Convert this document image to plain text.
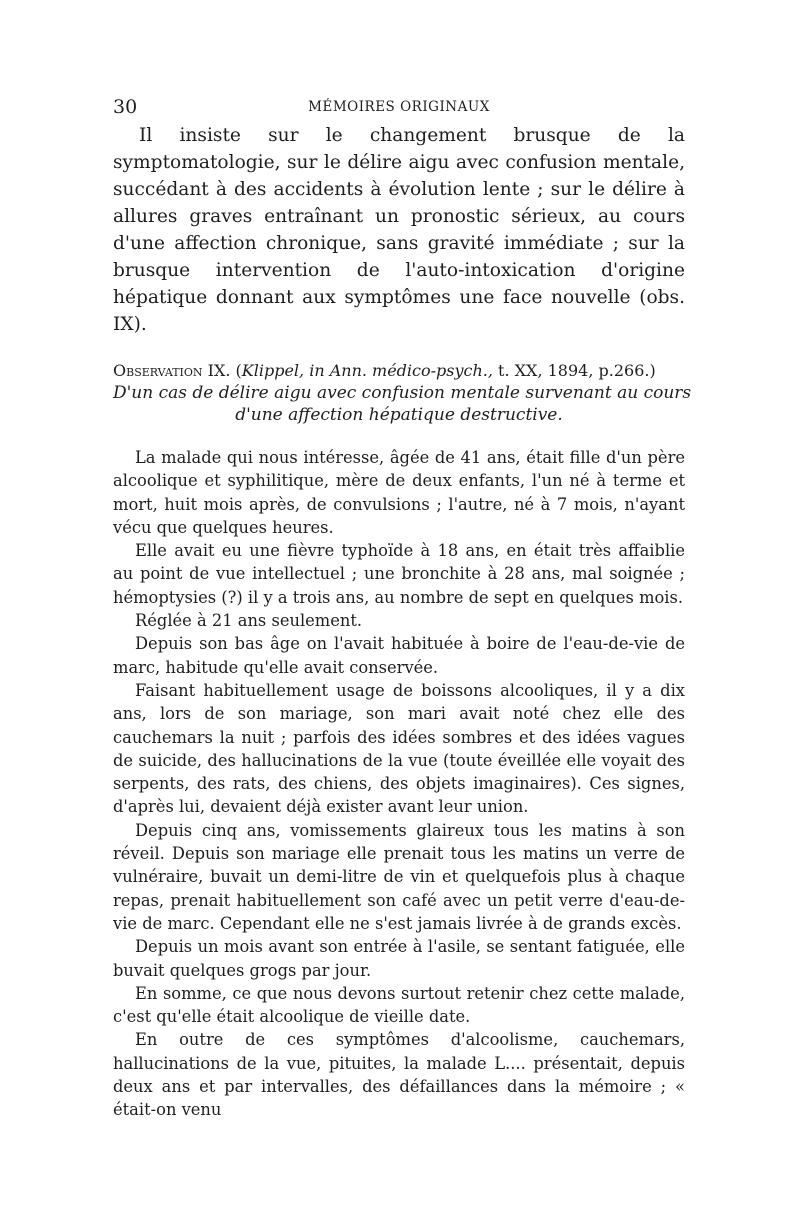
30	MÉMOIRES ORIGINAUX

Il insiste sur le changement brusque de la symptomatologie, sur le délire aigu avec confusion mentale, succédant à des accidents à évolution lente ; sur le délire à allures graves entraînant un pronostic sérieux, au cours d'une affection chronique, sans gravité immédiate ; sur la brusque intervention de l'auto-intoxication d'origine hépatique donnant aux symptômes une face nouvelle (obs. IX).

Observation IX. (Klippel, in Ann. médico-psych., t. XX, 1894, p.266.)
D'un cas de délire aigu avec confusion mentale survenant au cours
d'une affection hépatique destructive.

La malade qui nous intéresse, âgée de 41 ans, était fille d'un père alcoolique et syphilitique, mère de deux enfants, l'un né à terme et mort, huit mois après, de convulsions ; l'autre, né à 7 mois, n'ayant vécu que quelques heures.

Elle avait eu une fièvre typhoïde à 18 ans, en était très affaiblie au point de vue intellectuel ; une bronchite à 28 ans, mal soignée ; hémoptysies (?) il y a trois ans, au nombre de sept en quelques mois.

Réglée à 21 ans seulement.

Depuis son bas âge on l'avait habituée à boire de l'eau-de-vie de marc, habitude qu'elle avait conservée.

Faisant habituellement usage de boissons alcooliques, il y a dix ans, lors de son mariage, son mari avait noté chez elle des cauchemars la nuit ; parfois des idées sombres et des idées vagues de suicide, des hallucinations de la vue (toute éveillée elle voyait des serpents, des rats, des chiens, des objets imaginaires). Ces signes, d'après lui, devaient déjà exister avant leur union.

Depuis cinq ans, vomissements glaireux tous les matins à son réveil. Depuis son mariage elle prenait tous les matins un verre de vulnéraire, buvait un demi-litre de vin et quelquefois plus à chaque repas, prenait habituellement son café avec un petit verre d'eau-de-vie de marc. Cependant elle ne s'est jamais livrée à de grands excès.

Depuis un mois avant son entrée à l'asile, se sentant fatiguée, elle buvait quelques grogs par jour.

En somme, ce que nous devons surtout retenir chez cette malade, c'est qu'elle était alcoolique de vieille date.

En outre de ces symptômes d'alcoolisme, cauchemars, hallucinations de la vue, pituites, la malade L.... présentait, depuis deux ans et par intervalles, des défaillances dans la mémoire ; « était-on venu
